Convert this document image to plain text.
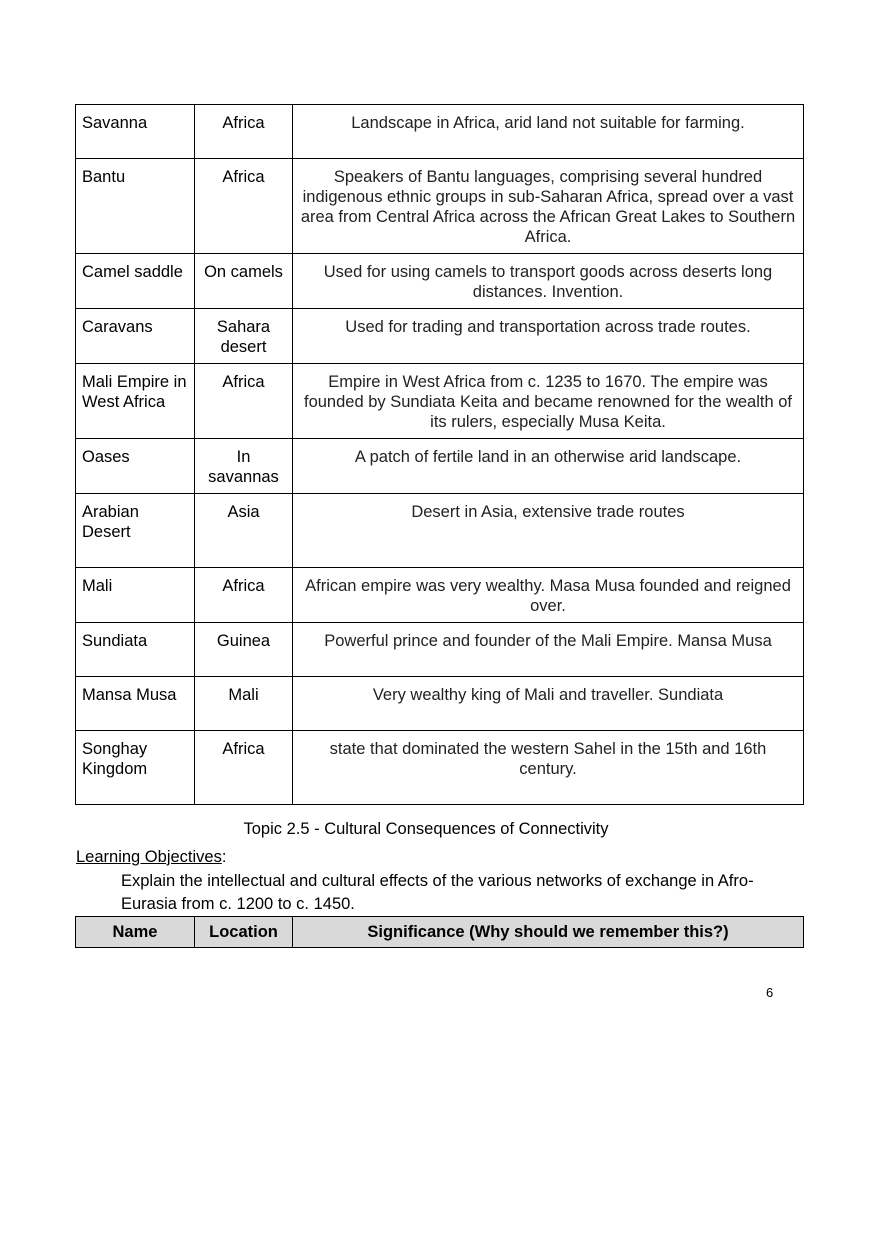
Savanna	Africa	Landscape in Africa, arid land not suitable for farming.
Bantu	Africa	Speakers of Bantu languages, comprising several hundred indigenous ethnic groups in sub-Saharan Africa, spread over a vast area from Central Africa across the African Great Lakes to Southern Africa.
Camel saddle	On camels	Used for using camels to transport goods across deserts long distances. Invention.
Caravans	Sahara desert	Used for trading and transportation across trade routes.
Mali Empire in West Africa	Africa	Empire in West Africa from c. 1235 to 1670. The empire was founded by Sundiata Keita and became renowned for the wealth of its rulers, especially Musa Keita.
Oases	In savannas	A patch of fertile land in an otherwise arid landscape.
Arabian Desert	Asia	Desert in Asia, extensive trade routes
Mali	Africa	African empire was very wealthy. Masa Musa founded and reigned over.
Sundiata	Guinea	Powerful prince and founder of the Mali Empire. Mansa Musa
Mansa Musa	Mali	Very wealthy king of Mali and traveller. Sundiata
Songhay Kingdom	Africa	state that dominated the western Sahel in the 15th and 16th century.
Topic 2.5 - Cultural Consequences of Connectivity
Learning Objectives:
Explain the intellectual and cultural effects of the various networks of exchange in Afro-Eurasia from c. 1200 to c. 1450.
Name	Location	Significance (Why should we remember this?)
6
